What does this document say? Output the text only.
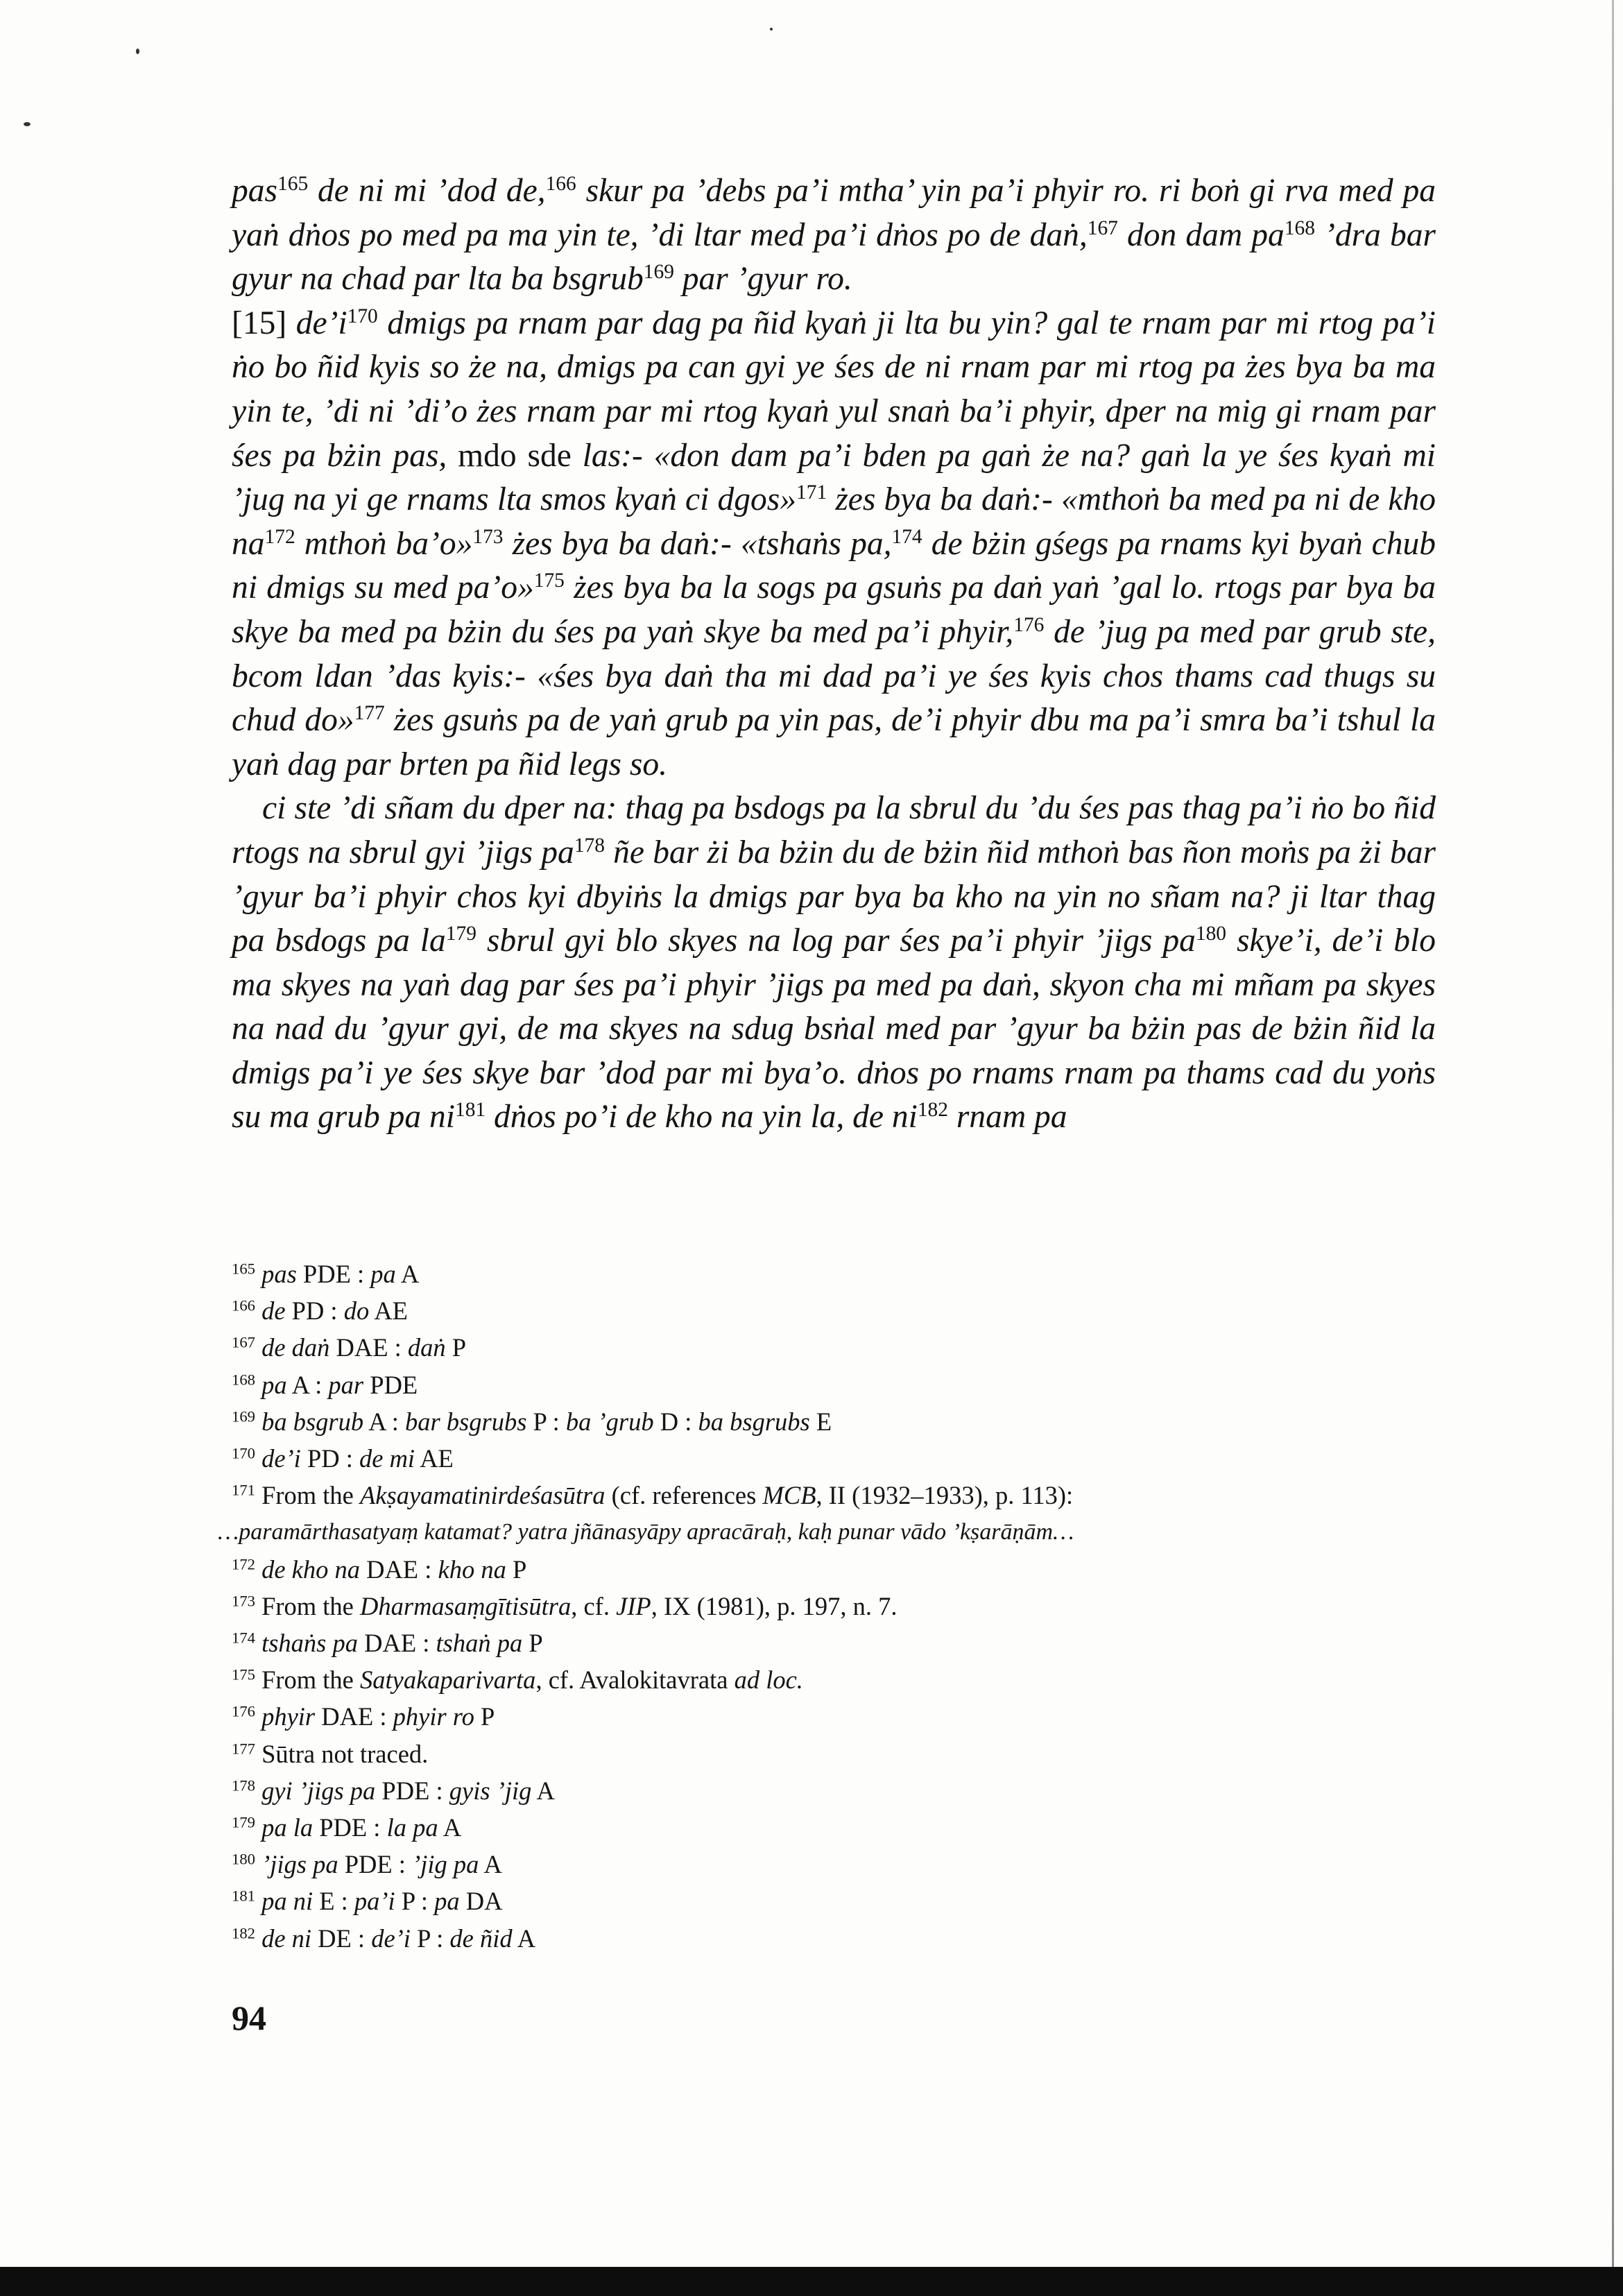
pas$^{165}$ de ni mi ’dod de,$^{166}$ skur pa ’debs pa’i mtha’ yin pa’i phyir ro. ri boṅ gi rva med pa yaṅ dṅos po med pa ma yin te, ’di ltar med pa’i dṅos po de daṅ,$^{167}$ don dam $pa^{168}$ ’dra bar gyur na chad par lta ba bsgrub$^{169}$ par ’gyur ro.

[15] $de’i^{170}$ dmigs pa rnam par dag pa ñid kyaṅ ji lta bu yin? gal te rnam par mi rtog pa’i ṅo bo ñid kyis so że na, dmigs pa can gyi ye śes de ni rnam par mi rtog pa żes bya ba ma yin te, ’di ni ’di’o żes rnam par mi rtog kyaṅ yul snaṅ ba’i phyir, dper na mig gi rnam par śes pa bżin pas, mdo sde las:- «don dam pa’i bden pa gaṅ że na? gaṅ la ye śes kyaṅ mi ’jug na yi ge rnams lta smos kyaṅ ci dgos»$^{171}$ żes bya ba daṅ:- «mthoṅ ba med pa ni de kho $na^{172}$ mthoṅ ba’o»$^{173}$ żes bya ba daṅ:- «tshaṅs pa,$^{174}$ de bżin gśegs pa rnams kyi byaṅ chub ni dmigs su med pa’o»$^{175}$ żes bya ba la sogs pa gsuṅs pa daṅ yaṅ ’gal lo. rtogs par bya ba skye ba med pa bżin du śes pa yaṅ skye ba med pa’i phyir,$^{176}$ de ’jug pa med par grub ste, bcom ldan ’das kyis:- «śes bya daṅ tha mi dad pa’i ye śes kyis chos thams cad thugs su chud do»$^{177}$ żes gsuṅs pa de yaṅ grub pa yin pas, de’i phyir dbu ma pa’i smra ba’i tshul la yaṅ dag par brten pa ñid legs so.

ci ste ’di sñam du dper na: thag pa bsdogs pa la sbrul du ’du śes pas thag pa’i ṅo bo ñid rtogs na sbrul gyi ’jigs $pa^{178}$ ñe bar żi ba bżin du de bżin ñid mthoṅ bas ñon moṅs pa żi bar ’gyur ba’i phyir chos kyi dbyiṅs la dmigs par bya ba kho na yin no sñam na? ji ltar thag pa bsdogs pa $la^{179}$ sbrul gyi blo skyes na log par śes pa’i phyir ’jigs $pa^{180}$ skye’i, de’i blo ma skyes na yaṅ dag par śes pa’i phyir ’jigs pa med pa daṅ, skyon cha mi mñam pa skyes na nad du ’gyur gyi, de ma skyes na sdug bsṅal med par ’gyur ba bżin pas de bżin ñid la dmigs pa’i ye śes skye bar ’dod par mi bya’o. dṅos po rnams rnam pa thams cad du yoṅs su ma grub pa $ni^{181}$ dṅos po’i de kho na yin la, de $ni^{182}$ rnam pa

$^{165}$ pas PDE : pa A
$^{166}$ de PD : do AE
$^{167}$ de daṅ DAE : daṅ P
$^{168}$ pa A : par PDE
$^{169}$ ba bsgrub A : bar bsgrubs P : ba ’grub D : ba bsgrubs E
$^{170}$ de’i PD : de mi AE
$^{171}$ From the Akṣayamatinirdeśasūtra (cf. references MCB, II (1932–1933), p. 113):
…paramārthasatyaṃ katamat? yatra jñānasyāpy apracāraḥ, kaḥ punar vādo ’kṣarāṇām…
$^{172}$ de kho na DAE : kho na P
$^{173}$ From the Dharmasaṃgītisūtra, cf. JIP, IX (1981), p. 197, n. 7.
$^{174}$ tshaṅs pa DAE : tshaṅ pa P
$^{175}$ From the Satyakaparivarta, cf. Avalokitavrata ad loc.
$^{176}$ phyir DAE : phyir ro P
$^{177}$ Sūtra not traced.
$^{178}$ gyi ’jigs pa PDE : gyis ’jig A
$^{179}$ pa la PDE : la pa A
$^{180}$ ’jigs pa PDE : ’jig pa A
$^{181}$ pa ni E : pa’i P : pa DA
$^{182}$ de ni DE : de’i P : de ñid A
94
